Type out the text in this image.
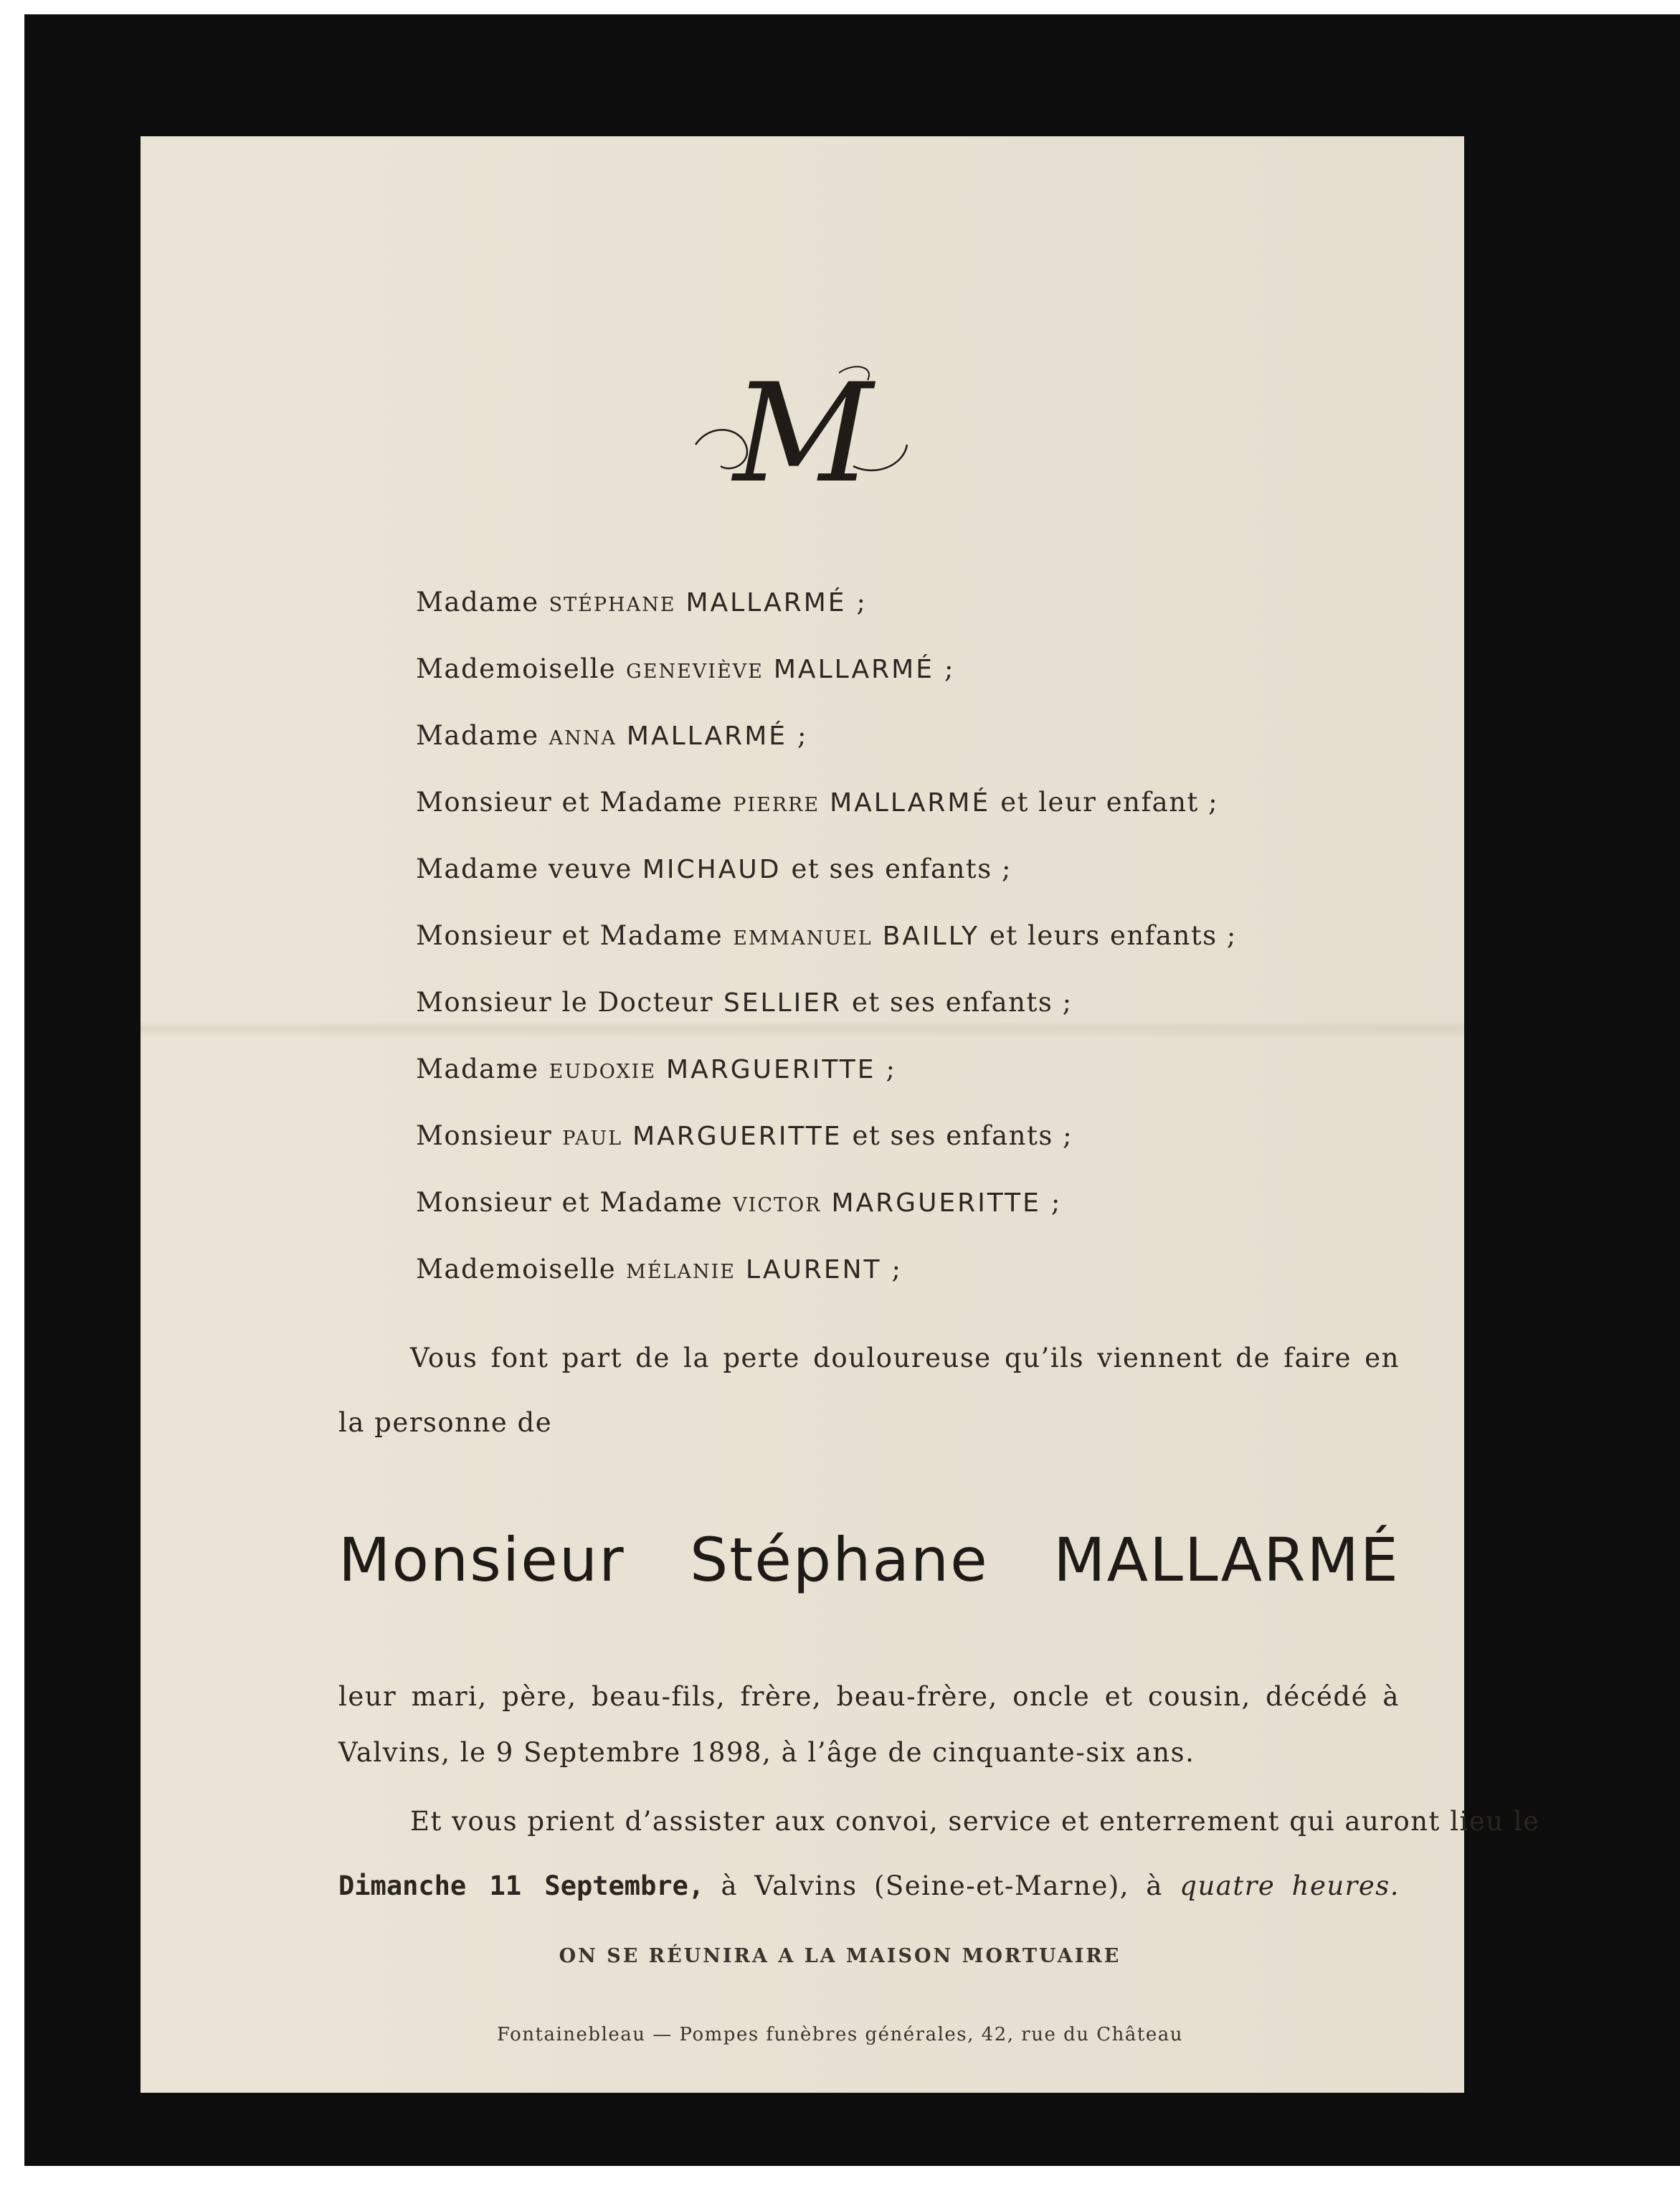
M
Madame STÉPHANE MALLARMÉ ;
Mademoiselle GENEVIÈVE MALLARMÉ ;
Madame ANNA MALLARMÉ ;
Monsieur et Madame PIERRE MALLARMÉ et leur enfant ;
Madame veuve MICHAUD et ses enfants ;
Monsieur et Madame EMMANUEL BAILLY et leurs enfants ;
Monsieur le Docteur SELLIER et ses enfants ;
Madame EUDOXIE MARGUERITTE ;
Monsieur PAUL MARGUERITTE et ses enfants ;
Monsieur et Madame VICTOR MARGUERITTE ;
Mademoiselle MÉLANIE LAURENT ;
Vous font part de la perte douloureuse qu’ils viennent de faire en
la personne de
Monsieur Stéphane MALLARMÉ
leur mari, père, beau-fils, frère, beau-frère, oncle et cousin, décédé à
Valvins, le 9 Septembre 1898, à l’âge de cinquante-six ans.
Et vous prient d’assister aux convoi, service et enterrement qui auront lieu le
Dimanche 11 Septembre, à Valvins (Seine-et-Marne), à quatre heures.
ON SE RÉUNIRA A LA MAISON MORTUAIRE
Fontainebleau — Pompes funèbres générales, 42, rue du Château
